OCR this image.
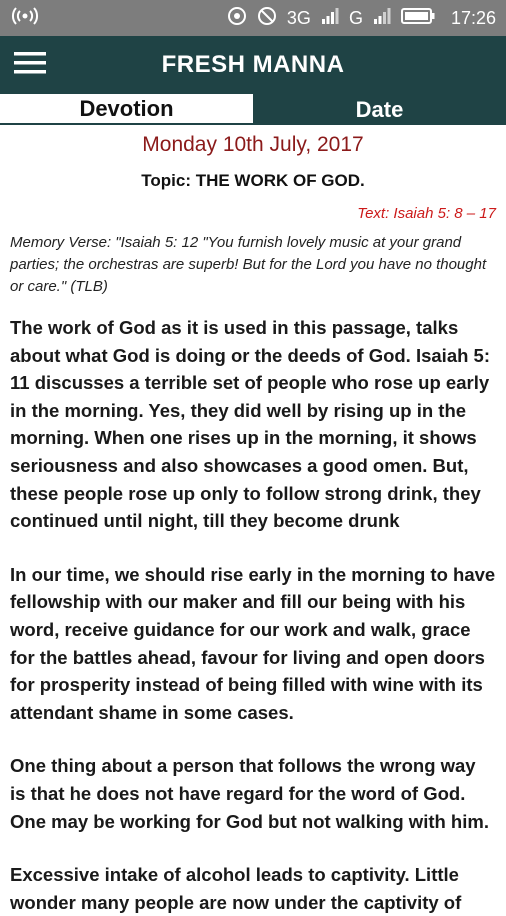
3G G	17:26
FRESH MANNA
Devotion	Date
Monday 10th July, 2017
Topic: THE WORK OF GOD.
Text: Isaiah 5: 8 – 17
Memory Verse: "Isaiah 5: 12 "You furnish lovely music at your grand parties; the orchestras are superb! But for the Lord you have no thought or care." (TLB)
The work of God as it is used in this passage, talks about what God is doing or the deeds of God. Isaiah 5: 11 discusses a terrible set of people who rose up early in the morning. Yes, they did well by rising up in the morning. When one rises up in the morning, it shows seriousness and also showcases a good omen. But, these people rose up only to follow strong drink, they continued until night, till they become drunk
In our time, we should rise early in the morning to have fellowship with our maker and fill our being with his word, receive guidance for our work and walk, grace for the battles ahead, favour for living and open doors for prosperity instead of being filled with wine with its attendant shame in some cases.
One thing about a person that follows the wrong way is that he does not have regard for the word of God. One may be working for God but not walking with him.
Excessive intake of alcohol leads to captivity. Little wonder many people are now under the captivity of
